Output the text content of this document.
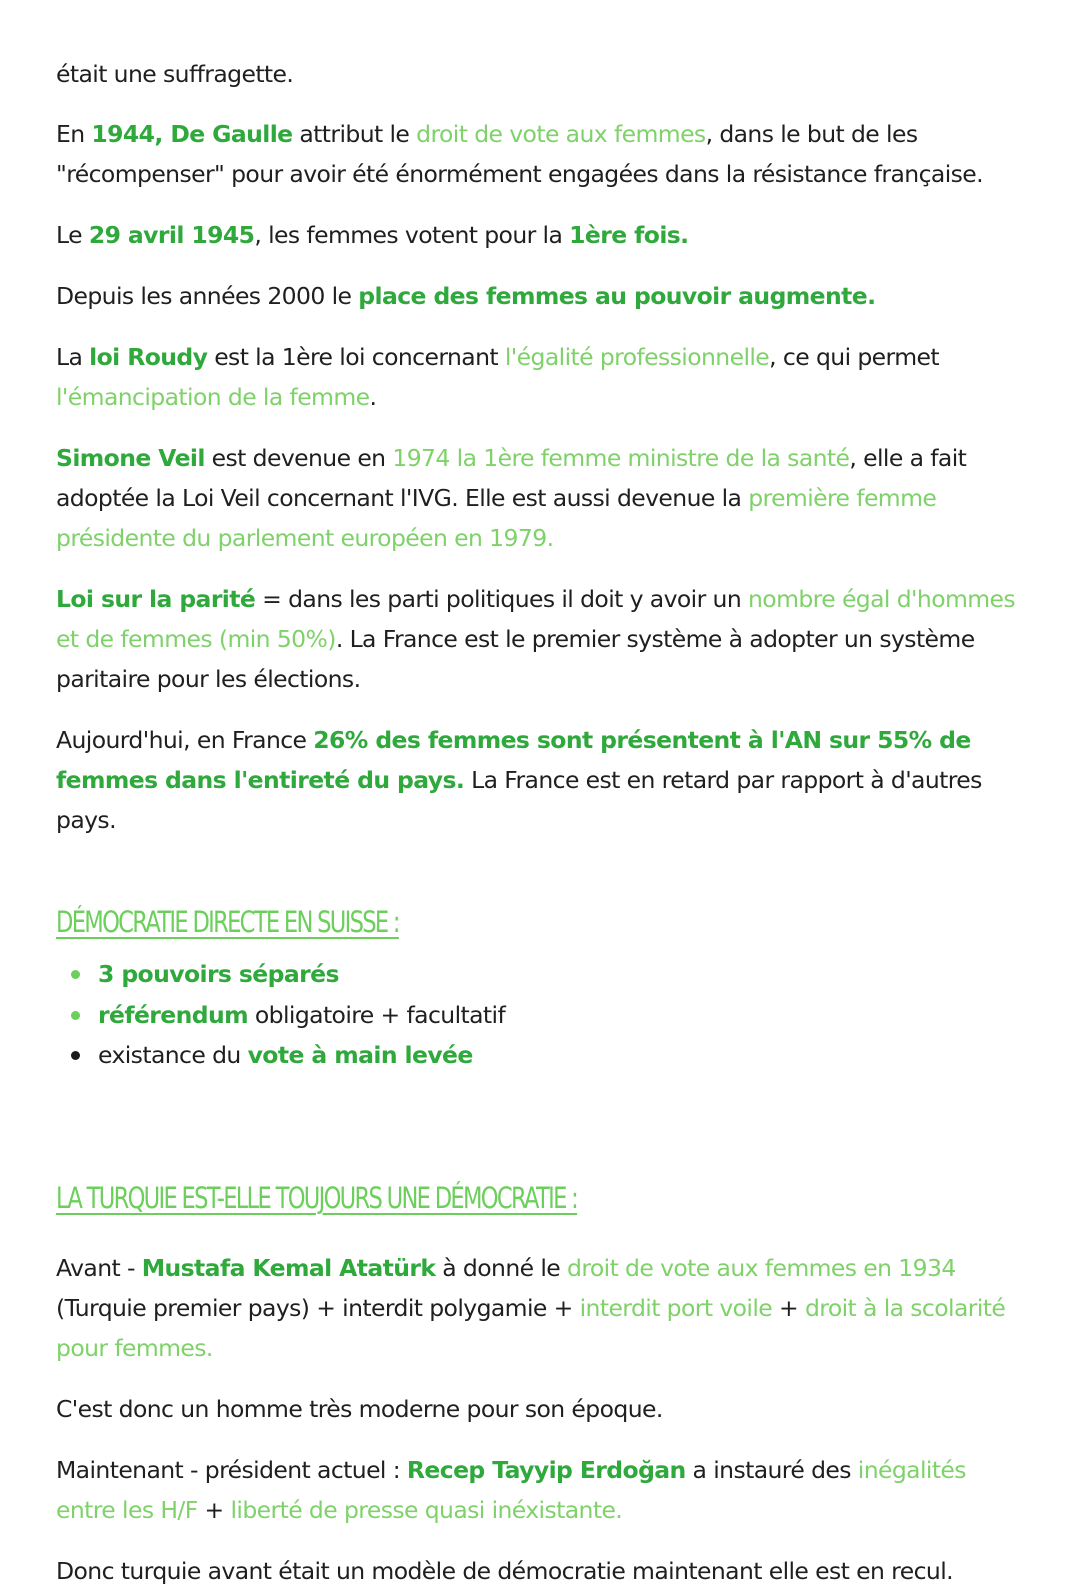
était une suffragette.

En 1944, De Gaulle attribut le droit de vote aux femmes, dans le but de les "récompenser" pour avoir été énormément engagées dans la résistance française.

Le 29 avril 1945, les femmes votent pour la 1ère fois.

Depuis les années 2000 le place des femmes au pouvoir augmente.

La loi Roudy est la 1ère loi concernant l'égalité professionnelle, ce qui permet l'émancipation de la femme.

Simone Veil est devenue en 1974 la 1ère femme ministre de la santé, elle a fait adoptée la Loi Veil concernant l'IVG. Elle est aussi devenue la première femme présidente du parlement européen en 1979.

Loi sur la parité = dans les parti politiques il doit y avoir un nombre égal d'hommes et de femmes (min 50%). La France est le premier système à adopter un système paritaire pour les élections.

Aujourd'hui, en France 26% des femmes sont présentent à l'AN sur 55% de femmes dans l'entireté du pays. La France est en retard par rapport à d'autres pays.

DÉMOCRATIE DIRECTE EN SUISSE :
3 pouvoirs séparés
référendum obligatoire + facultatif
existance du vote à main levée
LA TURQUIE EST-ELLE TOUJOURS UNE DÉMOCRATIE :

Avant - Mustafa Kemal Atatürk à donné le droit de vote aux femmes en 1934 (Turquie premier pays) + interdit polygamie + interdit port voile + droit à la scolarité pour femmes.

C'est donc un homme très moderne pour son époque.

Maintenant - président actuel : Recep Tayyip Erdoğan a instauré des inégalités entre les H/F + liberté de presse quasi inéxistante.

Donc turquie avant était un modèle de démocratie maintenant elle est en recul.
